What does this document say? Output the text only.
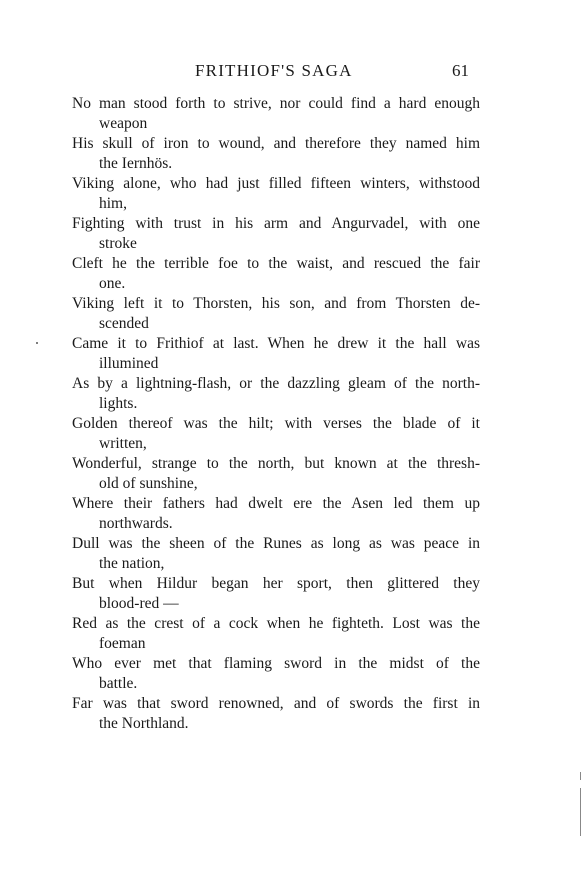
FRITHIOF'S SAGA	61
No man stood forth to strive, nor could find a hard enough
weapon
His skull of iron to wound, and therefore they named him
the Iernhös.
Viking alone, who had just filled fifteen winters, withstood
him,
Fighting with trust in his arm and Angurvadel, with one
stroke
Cleft he the terrible foe to the waist, and rescued the fair
one.
Viking left it to Thorsten, his son, and from Thorsten de-
scended
Came it to Frithiof at last. When he drew it the hall was
illumined
As by a lightning-flash, or the dazzling gleam of the north-
lights.
Golden thereof was the hilt; with verses the blade of it
written,
Wonderful, strange to the north, but known at the thresh-
old of sunshine,
Where their fathers had dwelt ere the Asen led them up
northwards.
Dull was the sheen of the Runes as long as was peace in
the nation,
But when Hildur began her sport, then glittered they
blood-red —
Red as the crest of a cock when he fighteth. Lost was the
foeman
Who ever met that flaming sword in the midst of the
battle.
Far was that sword renowned, and of swords the first in
the Northland.
